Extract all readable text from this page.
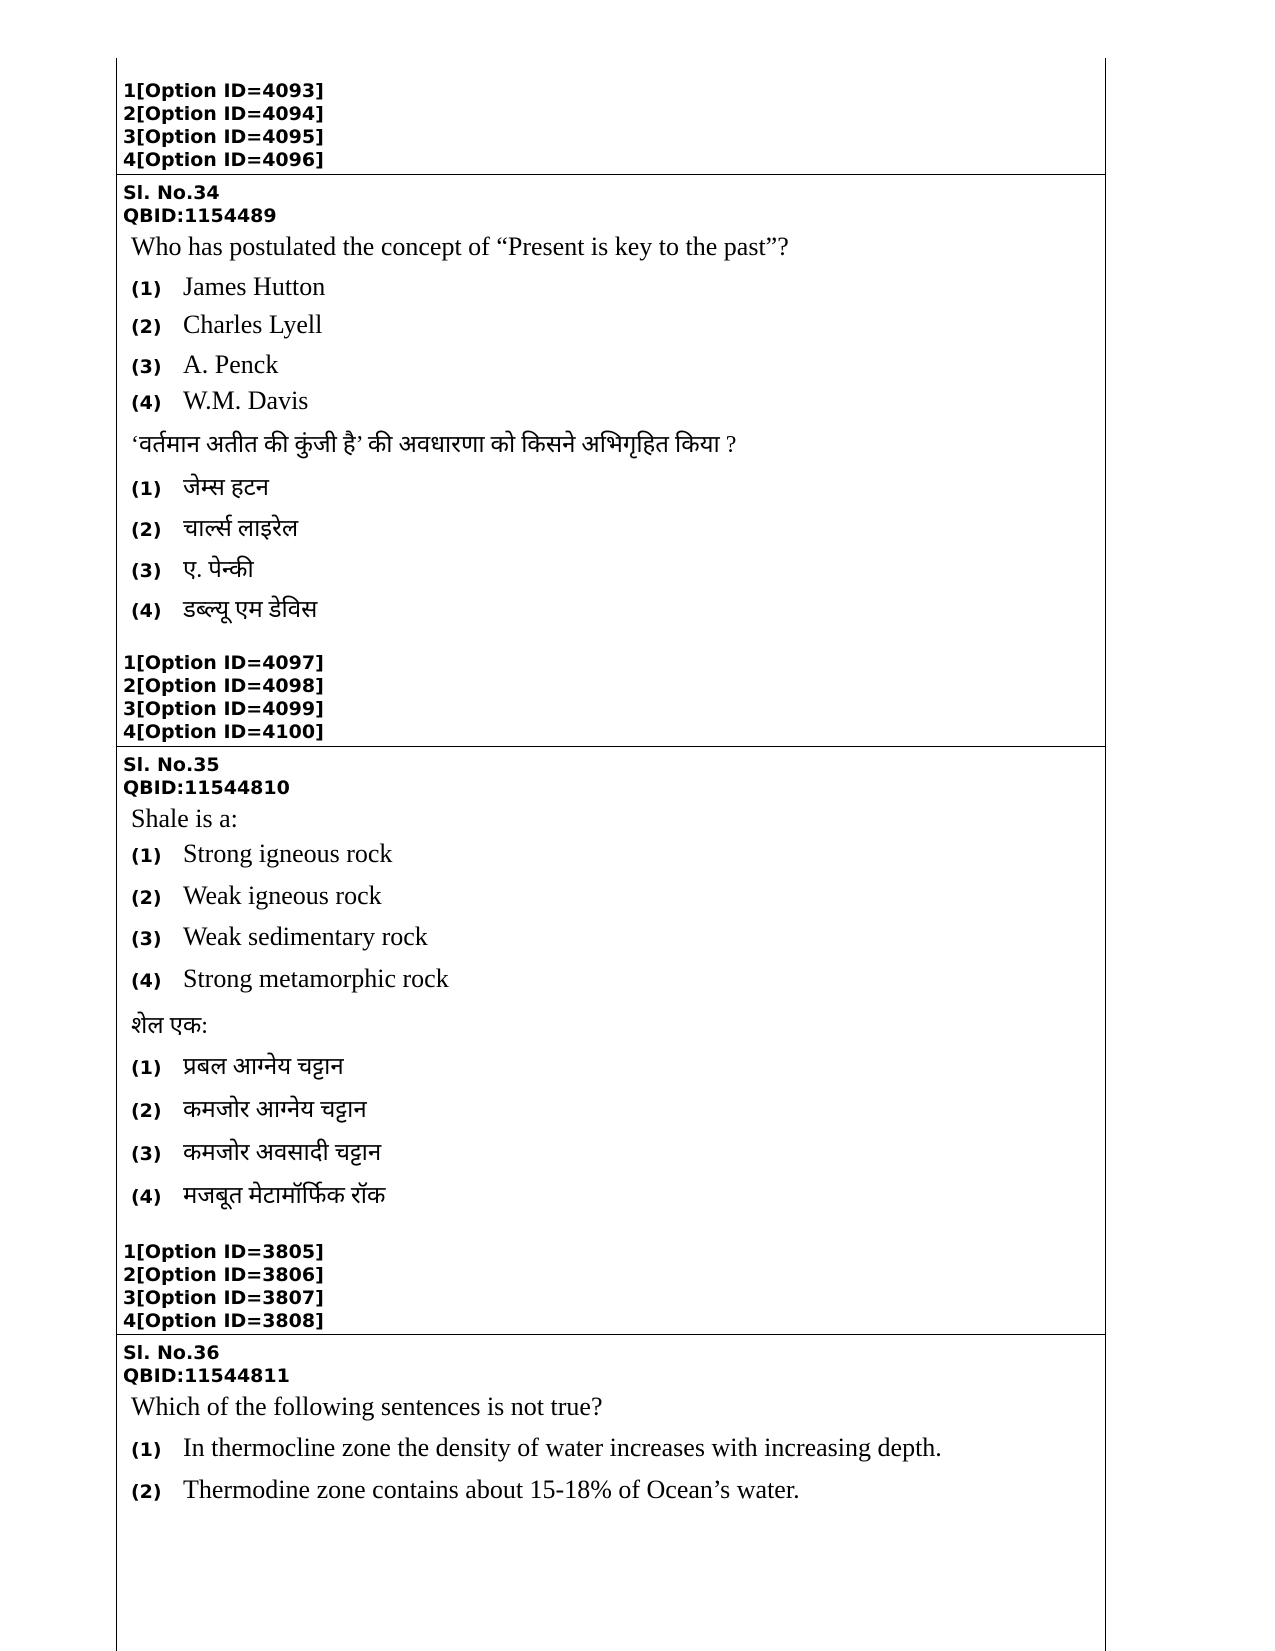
1[Option ID=4093]
2[Option ID=4094]
3[Option ID=4095]
4[Option ID=4096]
Sl. No.34
QBID:1154489
Who has postulated the concept of “Present is key to the past”?
(1) James Hutton
(2) Charles Lyell
(3) A. Penck
(4) W.M. Davis
‘वर्तमान अतीत की कुंजी है’ की अवधारणा को किसने अभिगृहित किया ?
(1) जेम्स हटन
(2) चार्ल्स लाइरेल
(3) ए. पेन्की
(4) डब्ल्यू एम डेविस
1[Option ID=4097]
2[Option ID=4098]
3[Option ID=4099]
4[Option ID=4100]
Sl. No.35
QBID:11544810
Shale is a:
(1) Strong igneous rock
(2) Weak igneous rock
(3) Weak sedimentary rock
(4) Strong metamorphic rock
शेल एक:
(1) प्रबल आग्नेय चट्टान
(2) कमजोर आग्नेय चट्टान
(3) कमजोर अवसादी चट्टान
(4) मजबूत मेटामॉर्फिक रॉक
1[Option ID=3805]
2[Option ID=3806]
3[Option ID=3807]
4[Option ID=3808]
Sl. No.36
QBID:11544811
Which of the following sentences is not true?
(1) In thermocline zone the density of water increases with increasing depth.
(2) Thermodine zone contains about 15-18% of Ocean’s water.
